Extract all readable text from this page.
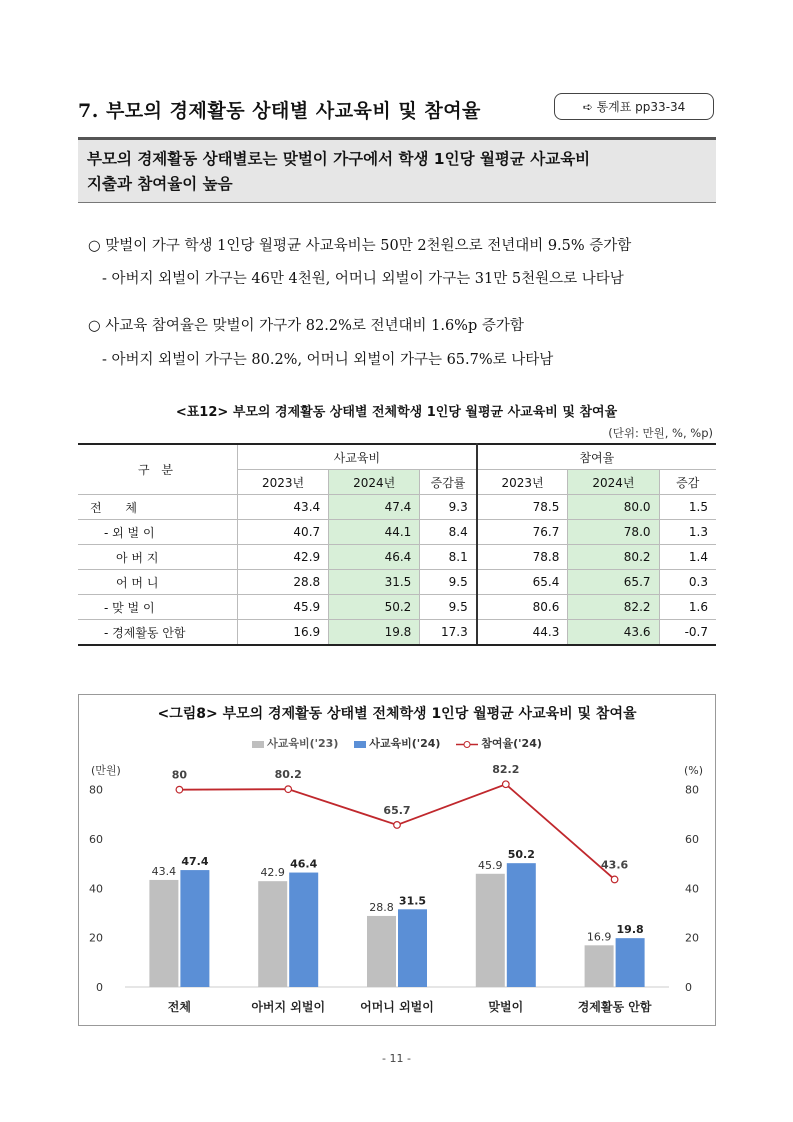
7. 부모의 경제활동 상태별 사교육비 및 참여율	➪ 통계표 pp33-34
부모의 경제활동 상태별로는 맞벌이 가구에서 학생 1인당 월평균 사교육비
지출과 참여율이 높음
○ 맞벌이 가구 학생 1인당 월평균 사교육비는 50만 2천원으로 전년대비 9.5% 증가함
- 아버지 외벌이 가구는 46만 4천원, 어머니 외벌이 가구는 31만 5천원으로 나타남
○ 사교육 참여율은 맞벌이 가구가 82.2%로 전년대비 1.6%p 증가함
- 아버지 외벌이 가구는 80.2%, 어머니 외벌이 가구는 65.7%로 나타남
<표12> 부모의 경제활동 상태별 전체학생 1인당 월평균 사교육비 및 참여율
(단위: 만원, %, %p)
구 분	사교육비			참여율		
	2023년	2024년	증감률	2023년	2024년	증감
전 체	43.4	47.4	9.3	78.5	80.0	1.5
- 외 벌 이	40.7	44.1	8.4	76.7	78.0	1.3
아 버 지	42.9	46.4	8.1	78.8	80.2	1.4
어 머 니	28.8	31.5	9.5	65.4	65.7	0.3
- 맞 벌 이	45.9	50.2	9.5	80.6	82.2	1.6
- 경제활동 안함	16.9	19.8	17.3	44.3	43.6	-0.7
<그림8> 부모의 경제활동 상태별 전체학생 1인당 월평균 사교육비 및 참여율
사교육비('23)	사교육비('24)	참여율('24)
(만원)	(%)
0
20
40
60
80
0
20
40
60
80
43.4
47.4
전체
42.9
46.4
아버지 외벌이
28.8
31.5
어머니 외벌이
45.9
50.2
맞벌이
16.9
19.8
경제활동 안함
80	80.2
65.7
82.2
43.6
- 11 -
